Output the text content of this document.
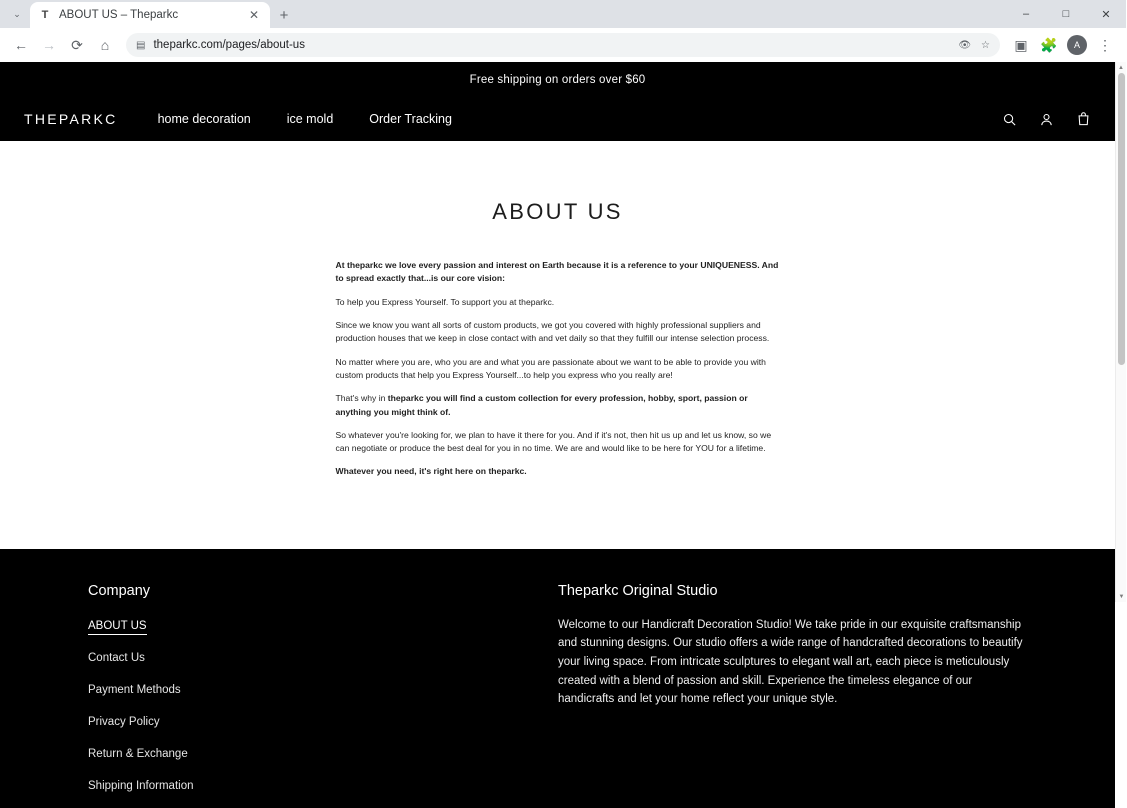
⌄	T ABOUT US – Theparkc	✕	+	–	□	✕
←	→	⟳	⌂	▤ theparkc.com/pages/about-us	👁 ☆	▣ 🧩	A	⋮
Free shipping on orders over $60
THEPARKC	home decoration	ice mold	Order Tracking
ABOUT US

At theparkc we love every passion and interest on Earth because it is a reference to your UNIQUENESS. And to spread exactly that...is our core vision:

To help you Express Yourself. To support you at theparkc.

Since we know you want all sorts of custom products, we got you covered with highly professional suppliers and production houses that we keep in close contact with and vet daily so that they fulfill our intense selection process.

No matter where you are, who you are and what you are passionate about we want to be able to provide you with custom products that help you Express Yourself...to help you express who you really are!

That's why in theparkc you will find a custom collection for every profession, hobby, sport, passion or anything you might think of.

So whatever you're looking for, we plan to have it there for you. And if it's not, then hit us up and let us know, so we can negotiate or produce the best deal for you in no time. We are and would like to be here for YOU for a lifetime.

Whatever you need, it's right here on theparkc.

Company
ABOUT US
Contact Us
Payment Methods
Privacy Policy
Return & Exchange
Shipping Information
Theparkc Original Studio

Welcome to our Handicraft Decoration Studio! We take pride in our exquisite craftsmanship and stunning designs. Our studio offers a wide range of handcrafted decorations to beautify your living space. From intricate sculptures to elegant wall art, each piece is meticulously created with a blend of passion and skill. Experience the timeless elegance of our handicrafts and let your home reflect your unique style.

▲
▼
